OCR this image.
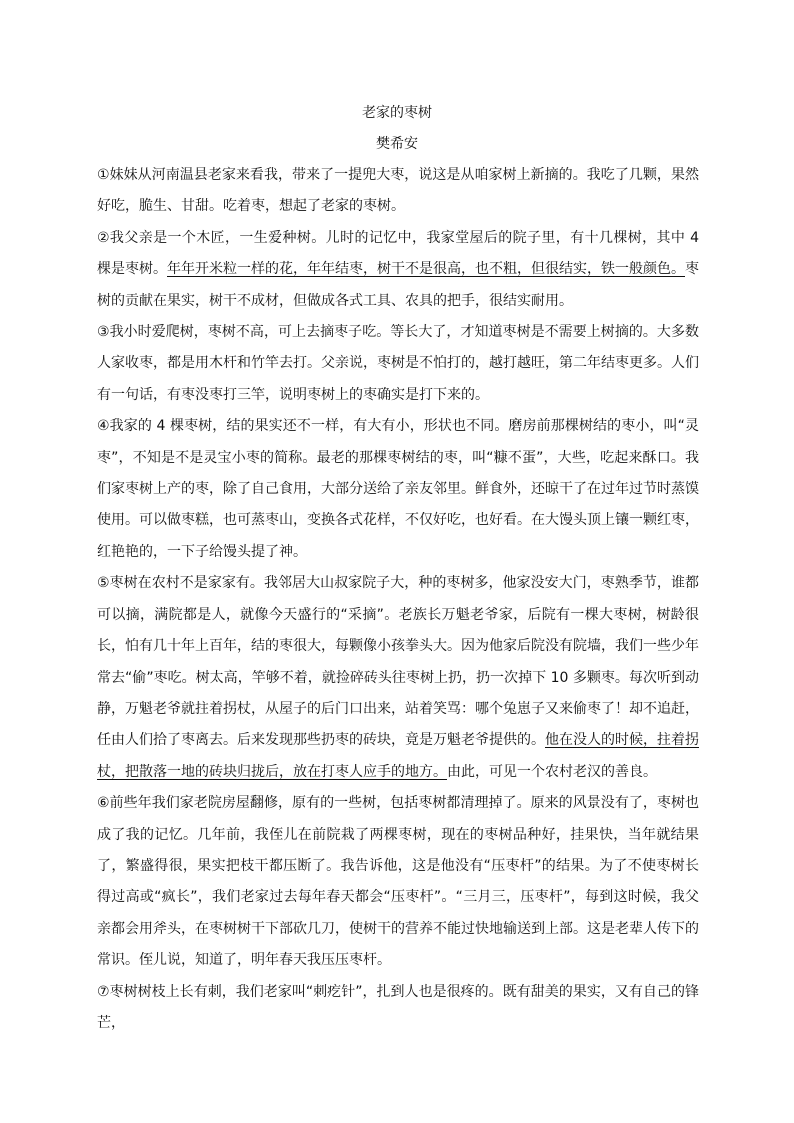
老家的枣树
樊希安

①妹妹从河南温县老家来看我，带来了一提兜大枣，说这是从咱家树上新摘的。我吃了几颗，果然好吃，脆生、甘甜。吃着枣，想起了老家的枣树。

②我父亲是一个木匠，一生爱种树。儿时的记忆中，我家堂屋后的院子里，有十几棵树，其中 4 棵是枣树。年年开米粒一样的花，年年结枣，树干不是很高，也不粗，但很结实，铁一般颜色。枣树的贡献在果实，树干不成材，但做成各式工具、农具的把手，很结实耐用。

③我小时爱爬树，枣树不高，可上去摘枣子吃。等长大了，才知道枣树是不需要上树摘的。大多数人家收枣，都是用木杆和竹竿去打。父亲说，枣树是不怕打的，越打越旺，第二年结枣更多。人们有一句话，有枣没枣打三竿，说明枣树上的枣确实是打下来的。

④我家的 4 棵枣树，结的果实还不一样，有大有小，形状也不同。磨房前那棵树结的枣小，叫“灵枣”，不知是不是灵宝小枣的简称。最老的那棵枣树结的枣，叫“糠不蛋”，大些，吃起来酥口。我们家枣树上产的枣，除了自己食用，大部分送给了亲友邻里。鲜食外，还晾干了在过年过节时蒸馍使用。可以做枣糕，也可蒸枣山，变换各式花样，不仅好吃，也好看。在大馒头顶上镶一颗红枣，红艳艳的，一下子给馒头提了神。

⑤枣树在农村不是家家有。我邻居大山叔家院子大，种的枣树多，他家没安大门，枣熟季节，谁都可以摘，满院都是人，就像今天盛行的“采摘”。老族长万魁老爷家，后院有一棵大枣树，树龄很长，怕有几十年上百年，结的枣很大，每颗像小孩拳头大。因为他家后院没有院墙，我们一些少年常去“偷”枣吃。树太高，竿够不着，就捡碎砖头往枣树上扔，扔一次掉下 10 多颗枣。每次听到动静，万魁老爷就拄着拐杖，从屋子的后门口出来，站着笑骂：哪个兔崽子又来偷枣了！却不追赶，任由人们拾了枣离去。后来发现那些扔枣的砖块，竟是万魁老爷提供的。他在没人的时候，拄着拐杖，把散落一地的砖块归拢后，放在打枣人应手的地方。由此，可见一个农村老汉的善良。

⑥前些年我们家老院房屋翻修，原有的一些树，包括枣树都清理掉了。原来的风景没有了，枣树也成了我的记忆。几年前，我侄儿在前院栽了两棵枣树，现在的枣树品种好，挂果快，当年就结果了，繁盛得很，果实把枝干都压断了。我告诉他，这是他没有“压枣杆”的结果。为了不使枣树长得过高或“疯长”，我们老家过去每年春天都会“压枣杆”。“三月三，压枣杆”，每到这时候，我父亲都会用斧头，在枣树树干下部砍几刀，使树干的营养不能过快地输送到上部。这是老辈人传下的常识。侄儿说，知道了，明年春天我压压枣杆。

⑦枣树树枝上长有刺，我们老家叫“刺疙针”，扎到人也是很疼的。既有甜美的果实，又有自己的锋芒，
